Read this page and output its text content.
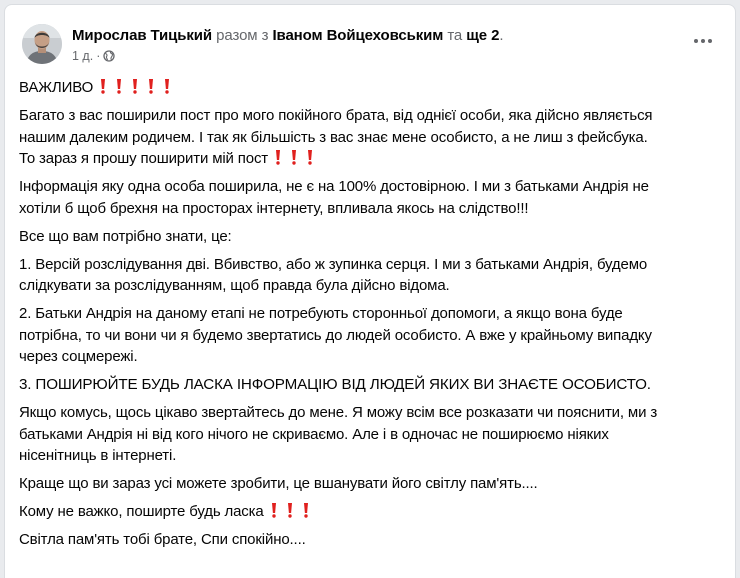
Мирослав Тицький разом з Іваном Войцеховським та ще 2.
1 д. ·

ВАЖЛИВО

Багато з вас поширили пост про мого покійного брата, від однієї особи, яка дійсно являється
нашим далеким родичем. І так як більшість з вас знає мене особисто, а не лиш з фейсбука.
То зараз я прошу поширити мій пост

Інформація яку одна особа поширила, не є на 100% достовірною. І ми з батьками Андрія не
хотіли б щоб брехня на просторах інтернету, впливала якось на слідство!!!

Все що вам потрібно знати, це:

1. Версій розслідування дві. Вбивство, або ж зупинка серця. І ми з батьками Андрія, будемо
слідкувати за розслідуванням, щоб правда була дійсно відома.

2. Батьки Андрія на даному етапі не потребують сторонньої допомоги, а якщо вона буде
потрібна, то чи вони чи я будемо звертатись до людей особисто. А вже у крайньому випадку
через соцмережі.

3. ПОШИРЮЙТЕ БУДЬ ЛАСКА ІНФОРМАЦІЮ ВІД ЛЮДЕЙ ЯКИХ ВИ ЗНАЄТЕ ОСОБИСТО.

Якщо комусь, щось цікаво звертайтесь до мене. Я можу всім все розказати чи пояснити, ми з
батьками Андрія ні від кого нічого не скриваємо. Але і в одночас не поширюємо ніяких
нісенітниць в інтернеті.

Краще що ви зараз усі можете зробити, це вшанувати його світлу пам'ять....

Кому не важко, поширте будь ласка

Світла пам'ять тобі брате, Спи спокійно....
